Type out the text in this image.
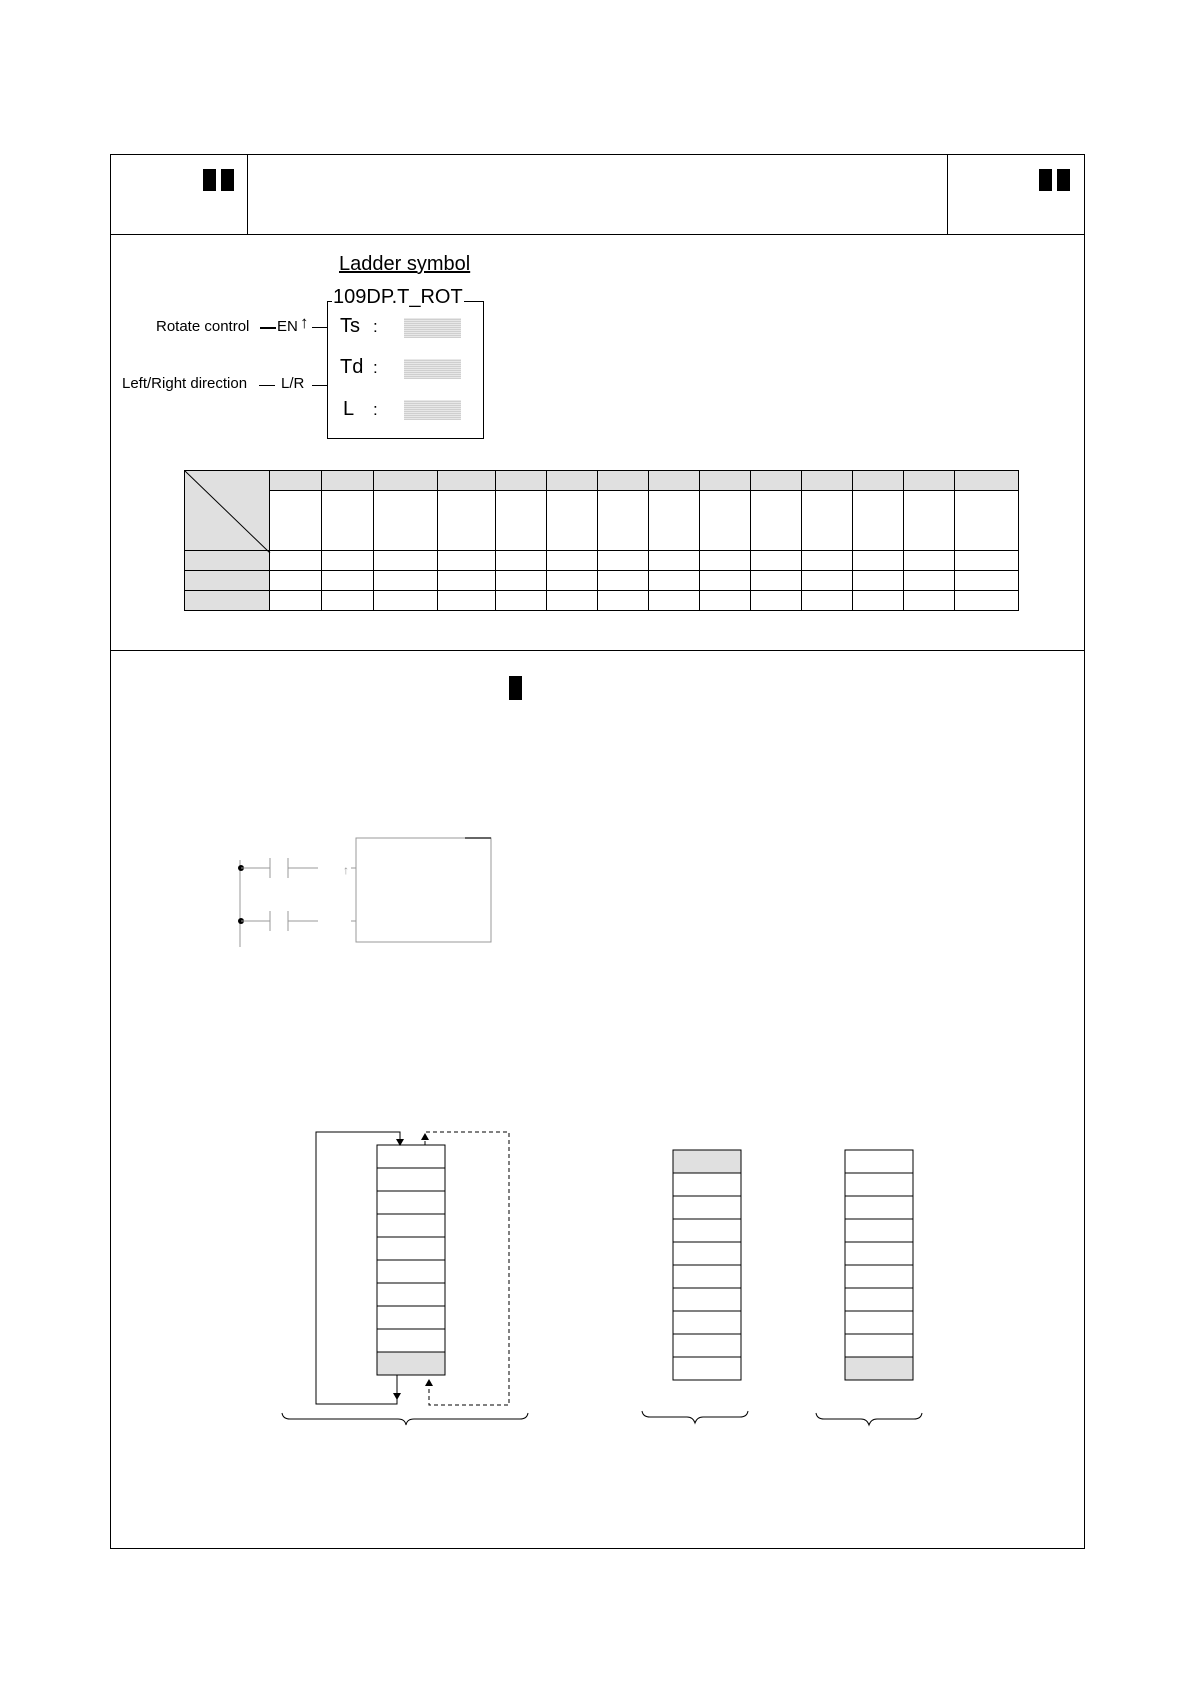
Ladder symbol
109DP.T_ROT
Rotate control EN ↑
Left/Right direction L/R
Ts :
Td :
L :

↑
